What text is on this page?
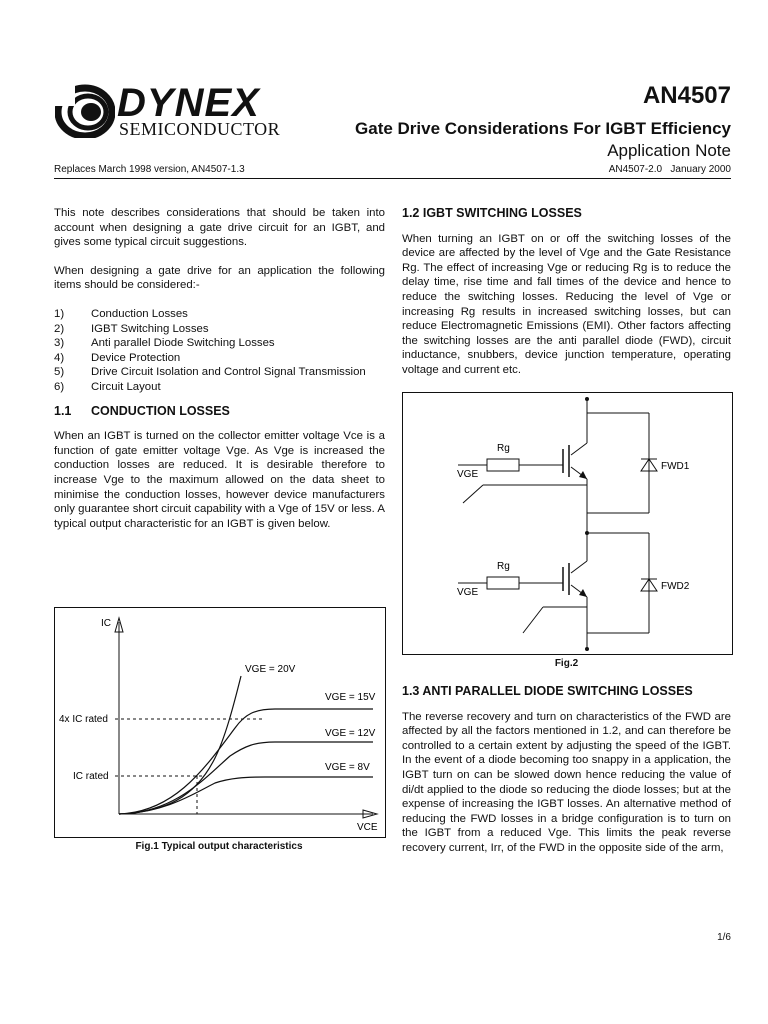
DYNEX
SEMICONDUCTOR
AN4507
Gate Drive Considerations For IGBT Efficiency
Application Note
Replaces March 1998 version, AN4507-1.3	AN4507-2.0   January 2000

This note describes considerations that should be taken into account when designing a gate drive circuit for an IGBT, and gives some typical circuit suggestions.

When designing a gate drive for an application the following items should be considered:-

1)	Conduction Losses
2)	IGBT Switching Losses
3)	Anti parallel Diode Switching Losses
4)	Device Protection
5)	Drive Circuit Isolation and Control Signal Transmission
6)	Circuit Layout
1.1	CONDUCTION LOSSES

When an IGBT is turned on the collector emitter voltage Vce is a function of gate emitter voltage Vge. As Vge is increased the conduction losses are reduced. It is desirable therefore to increase Vge to the maximum allowed on the data sheet to minimise the conduction losses, however device manufacturers only guarantee short circuit capability with a Vge of 15V or less. A typical output characteristic for an IGBT is given below.

IC
VCE
4x IC rated
IC rated
VGE = 20V
VGE = 15V
VGE = 12V
VGE = 8V
Fig.1 Typical output characteristics
1.2 IGBT SWITCHING LOSSES

When turning an IGBT on or off the switching losses of the device are affected by the level of Vge and the Gate Resistance Rg. The effect of increasing Vge or reducing Rg is to reduce the delay time, rise time and fall times of the device and hence to reduce the switching losses. Reducing the level of Vge or increasing Rg results in increased switching losses, but can reduce Electromagnetic Emissions (EMI). Other factors affecting the switching losses are the anti parallel diode (FWD), circuit inductance, snubbers, device junction temperature, operating voltage and current etc.

Rg
VGE
FWD1
Rg
VGE
FWD2
Fig.2
1.3 ANTI PARALLEL DIODE SWITCHING LOSSES

The reverse recovery and turn on characteristics of the FWD are affected by all the factors mentioned in 1.2, and can therefore be controlled to a certain extent by adjusting the speed of the IGBT. In the event of a diode becoming too snappy in a application, the IGBT turn on can be slowed down hence reducing the value of di/dt applied to the diode so reducing the diode losses; but at the expense of increasing the IGBT losses. An alternative method of reducing the FWD losses in a bridge configuration is to turn on the IGBT from a reduced Vge. This limits the peak reverse recovery current, Irr, of the FWD in the opposite side of the arm,

1/6
